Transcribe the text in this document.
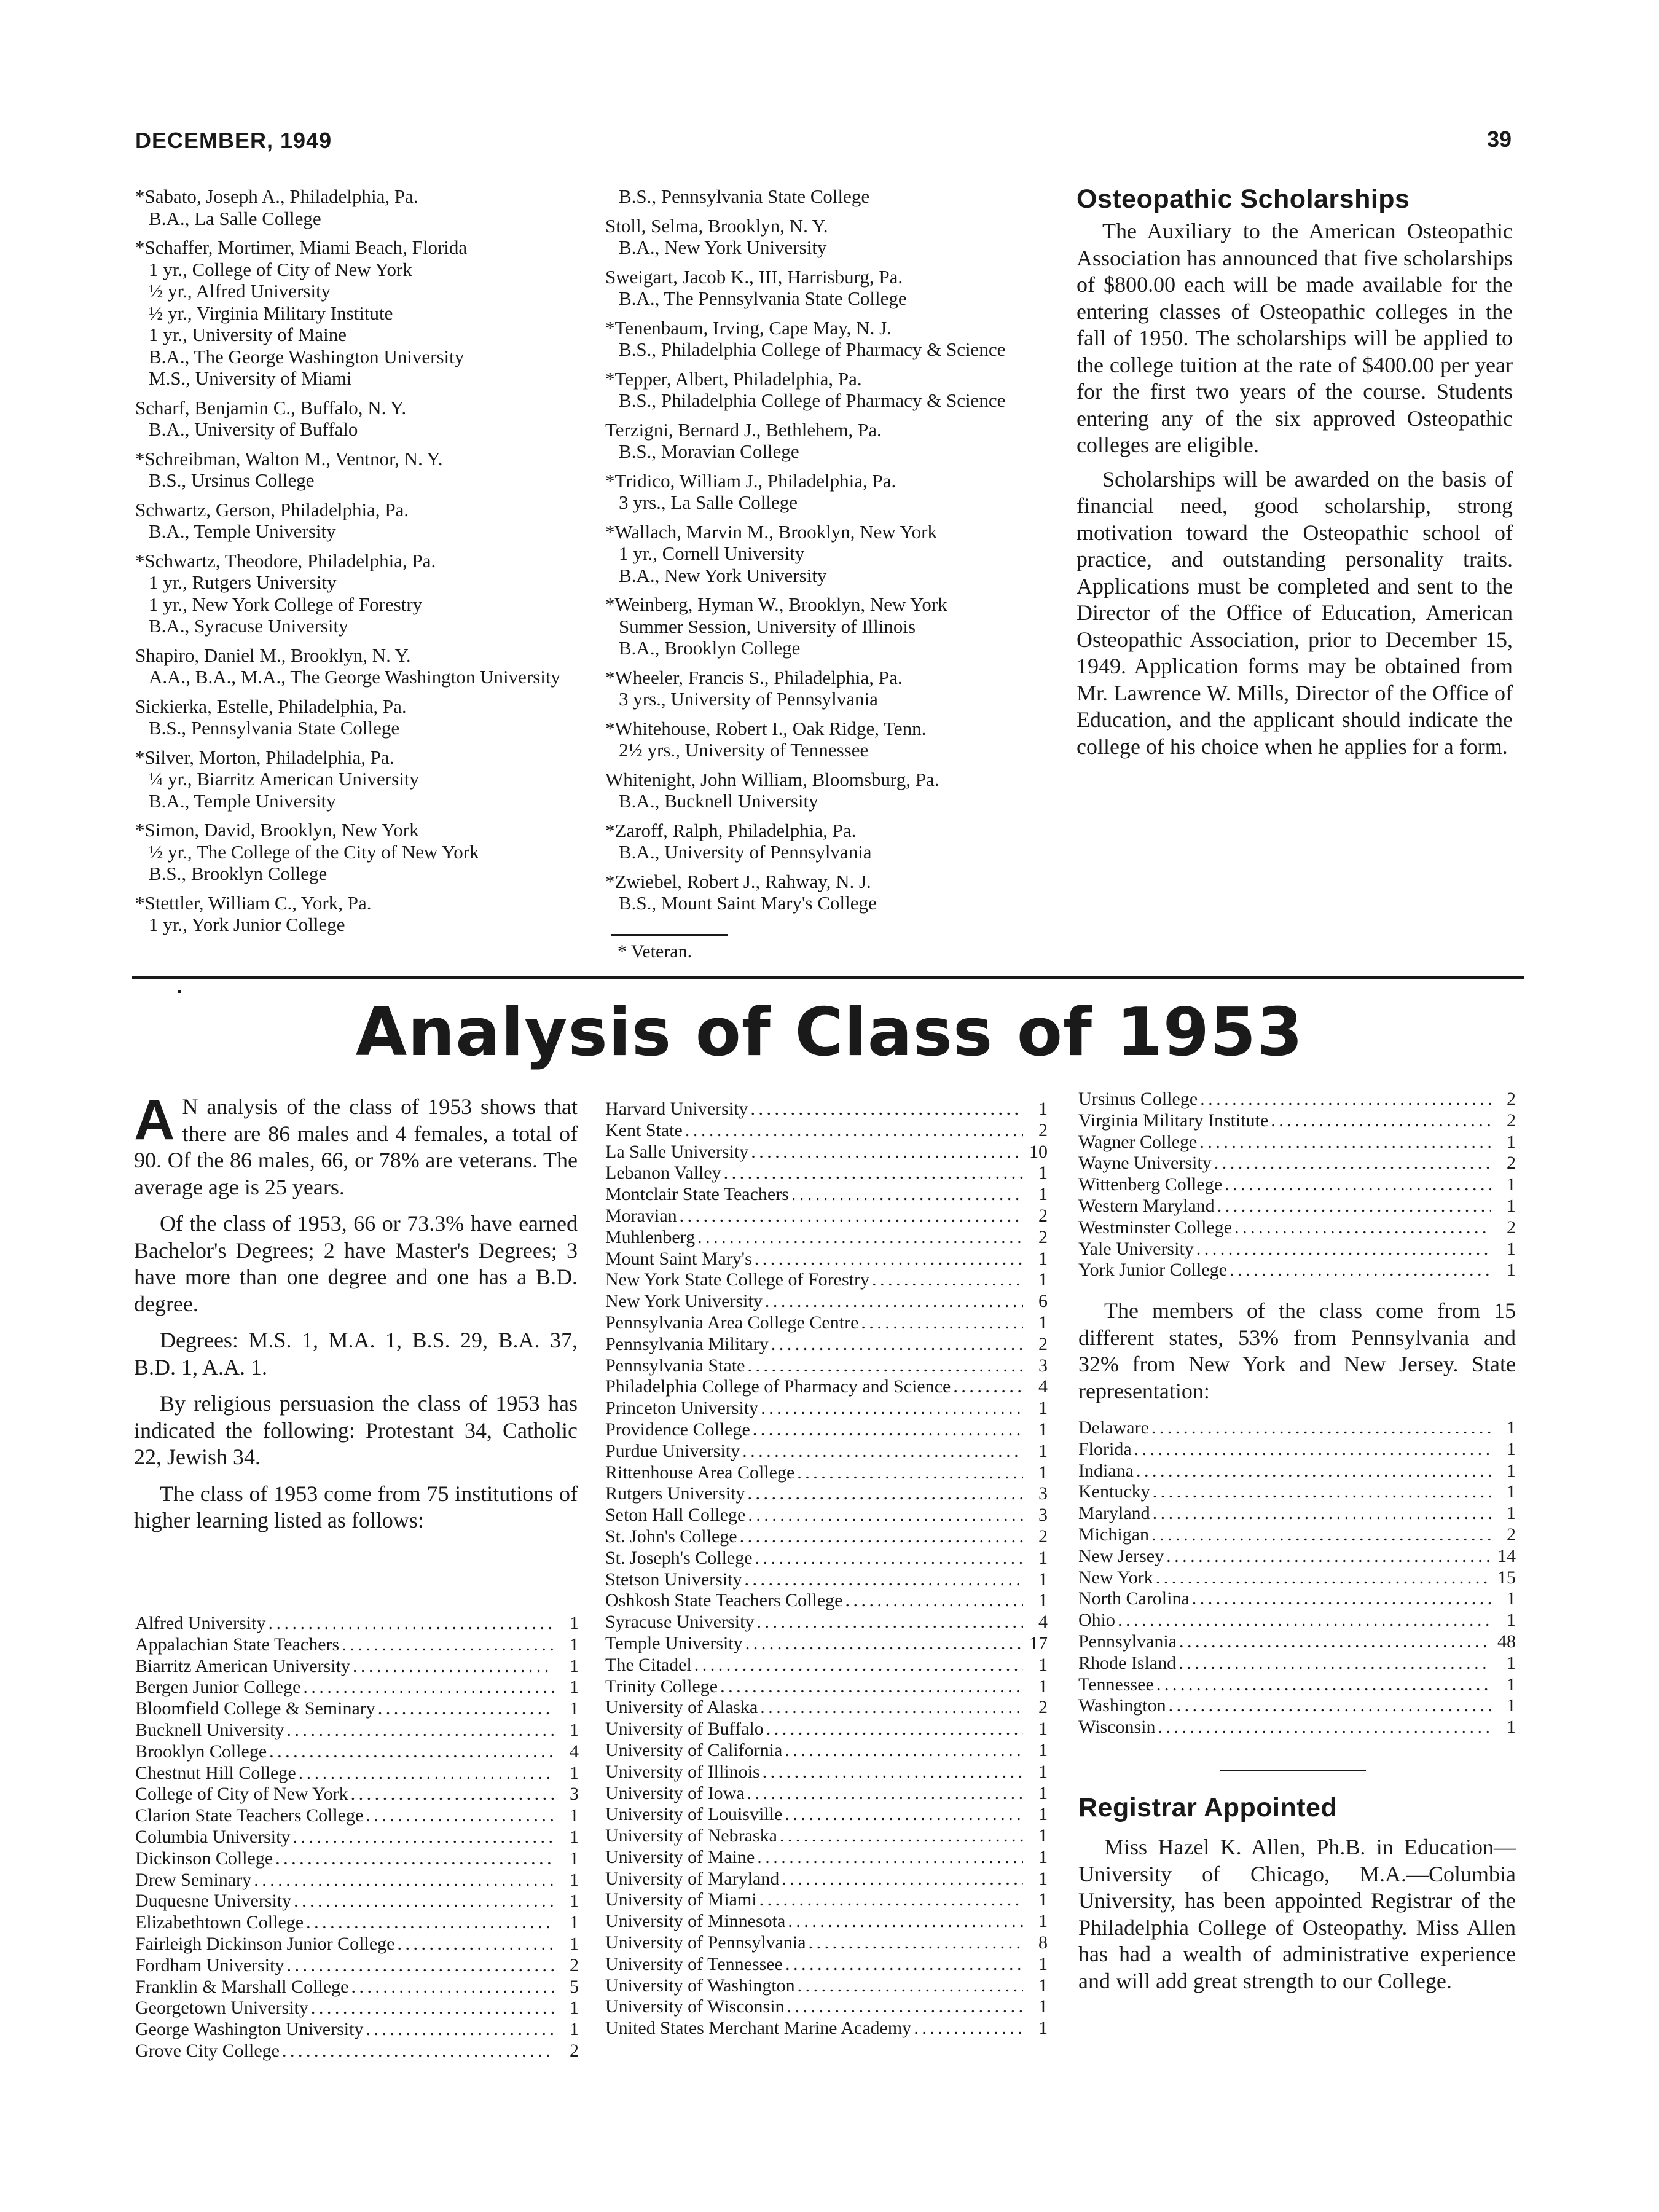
DECEMBER, 1949	39
*Sabato, Joseph A., Philadelphia, Pa.
B.A., La Salle College
*Schaffer, Mortimer, Miami Beach, Florida
1 yr., College of City of New York
½ yr., Alfred University
½ yr., Virginia Military Institute
1 yr., University of Maine
B.A., The George Washington University
M.S., University of Miami
Scharf, Benjamin C., Buffalo, N. Y.
B.A., University of Buffalo
*Schreibman, Walton M., Ventnor, N. Y.
B.S., Ursinus College
Schwartz, Gerson, Philadelphia, Pa.
B.A., Temple University
*Schwartz, Theodore, Philadelphia, Pa.
1 yr., Rutgers University
1 yr., New York College of Forestry
B.A., Syracuse University
Shapiro, Daniel M., Brooklyn, N. Y.
A.A., B.A., M.A., The George Washington University
Sickierka, Estelle, Philadelphia, Pa.
B.S., Pennsylvania State College
*Silver, Morton, Philadelphia, Pa.
¼ yr., Biarritz American University
B.A., Temple University
*Simon, David, Brooklyn, New York
½ yr., The College of the City of New York
B.S., Brooklyn College
*Stettler, William C., York, Pa.
1 yr., York Junior College
B.S., Pennsylvania State College
Stoll, Selma, Brooklyn, N. Y.
B.A., New York University
Sweigart, Jacob K., III, Harrisburg, Pa.
B.A., The Pennsylvania State College
*Tenenbaum, Irving, Cape May, N. J.
B.S., Philadelphia College of Pharmacy & Science
*Tepper, Albert, Philadelphia, Pa.
B.S., Philadelphia College of Pharmacy & Science
Terzigni, Bernard J., Bethlehem, Pa.
B.S., Moravian College
*Tridico, William J., Philadelphia, Pa.
3 yrs., La Salle College
*Wallach, Marvin M., Brooklyn, New York
1 yr., Cornell University
B.A., New York University
*Weinberg, Hyman W., Brooklyn, New York
Summer Session, University of Illinois
B.A., Brooklyn College
*Wheeler, Francis S., Philadelphia, Pa.
3 yrs., University of Pennsylvania
*Whitehouse, Robert I., Oak Ridge, Tenn.
2½ yrs., University of Tennessee
Whitenight, John William, Bloomsburg, Pa.
B.A., Bucknell University
*Zaroff, Ralph, Philadelphia, Pa.
B.A., University of Pennsylvania
*Zwiebel, Robert J., Rahway, N. J.
B.S., Mount Saint Mary's College
Osteopathic Scholarships

The Auxiliary to the American Osteopathic Association has announced that five scholarships of $800.00 each will be made available for the entering classes of Osteopathic colleges in the fall of 1950. The scholarships will be applied to the college tuition at the rate of $400.00 per year for the first two years of the course. Students entering any of the six approved Osteopathic colleges are eligible.

Scholarships will be awarded on the basis of financial need, good scholarship, strong motivation toward the Osteopathic school of practice, and outstanding personality traits. Applications must be completed and sent to the Director of the Office of Education, American Osteopathic Association, prior to December 15, 1949. Application forms may be obtained from Mr. Lawrence W. Mills, Director of the Office of Education, and the applicant should indicate the college of his choice when he applies for a form.

* Veteran.
Analysis of Class of 1953

A N analysis of the class of 1953 shows that there are 86 males and 4 females, a total of 90. Of the 86 males, 66, or 78% are veterans. The average age is 25 years.

Of the class of 1953, 66 or 73.3% have earned Bachelor's Degrees; 2 have Master's Degrees; 3 have more than one degree and one has a B.D. degree.

Degrees: M.S. 1, M.A. 1, B.S. 29, B.A. 37, B.D. 1, A.A. 1.

By religious persuasion the class of 1953 has indicated the following: Protestant 34, Catholic 22, Jewish 34.

The class of 1953 come from 75 institutions of higher learning listed as follows:

Alfred University . . .	1
Appalachian State Teachers . . .	1
Biarritz American University . . .	1
Bergen Junior College . . .	1
Bloomfield College & Seminary . . .	1
Bucknell University . . .	1
Brooklyn College . . .	4
Chestnut Hill College . . .	1
College of City of New York . . .	3
Clarion State Teachers College . . .	1
Columbia University . . .	1
Dickinson College . . .	1
Drew Seminary . . .	1
Duquesne University . . .	1
Elizabethtown College . . .	1
Fairleigh Dickinson Junior College . . .	1
Fordham University . . .	2
Franklin & Marshall College . . .	5
Georgetown University . . .	1
George Washington University . . .	1
Grove City College . . .	2
Harvard University . . .	1
Kent State . . .	2
La Salle University . . .	10
Lebanon Valley . . .	1
Montclair State Teachers . . .	1
Moravian . . .	2
Muhlenberg . . .	2
Mount Saint Mary's . . .	1
New York State College of Forestry . . .	1
New York University . . .	6
Pennsylvania Area College Centre . . .	1
Pennsylvania Military . . .	2
Pennsylvania State . . .	3
Philadelphia College of Pharmacy and Science . . .	4
Princeton University . . .	1
Providence College . . .	1
Purdue University . . .	1
Rittenhouse Area College . . .	1
Rutgers University . . .	3
Seton Hall College . . .	3
St. John's College . . .	2
St. Joseph's College . . .	1
Stetson University . . .	1
Oshkosh State Teachers College . . .	1
Syracuse University . . .	4
Temple University . . .	17
The Citadel . . .	1
Trinity College . . .	1
University of Alaska . . .	2
University of Buffalo . . .	1
University of California . . .	1
University of Illinois . . .	1
University of Iowa . . .	1
University of Louisville . . .	1
University of Nebraska . . .	1
University of Maine . . .	1
University of Maryland . . .	1
University of Miami . . .	1
University of Minnesota . . .	1
University of Pennsylvania . . .	8
University of Tennessee . . .	1
University of Washington . . .	1
University of Wisconsin . . .	1
United States Merchant Marine Academy . . .	1
Ursinus College . . .	2
Virginia Military Institute . . .	2
Wagner College . . .	1
Wayne University . . .	2
Wittenberg College . . .	1
Western Maryland . . .	1
Westminster College . . .	2
Yale University . . .	1
York Junior College . . .	1

The members of the class come from 15 different states, 53% from Pennsylvania and 32% from New York and New Jersey. State representation:

Delaware . . .	1
Florida . . .	1
Indiana . . .	1
Kentucky . . .	1
Maryland . . .	1
Michigan . . .	2
New Jersey . . .	14
New York . . .	15
North Carolina . . .	1
Ohio . . .	1
Pennsylvania . . .	48
Rhode Island . . .	1
Tennessee . . .	1
Washington . . .	1
Wisconsin . . .	1
Registrar Appointed

Miss Hazel K. Allen, Ph.B. in Education—University of Chicago, M.A.—Columbia University, has been appointed Registrar of the Philadelphia College of Osteopathy. Miss Allen has had a wealth of administrative experience and will add great strength to our College.
